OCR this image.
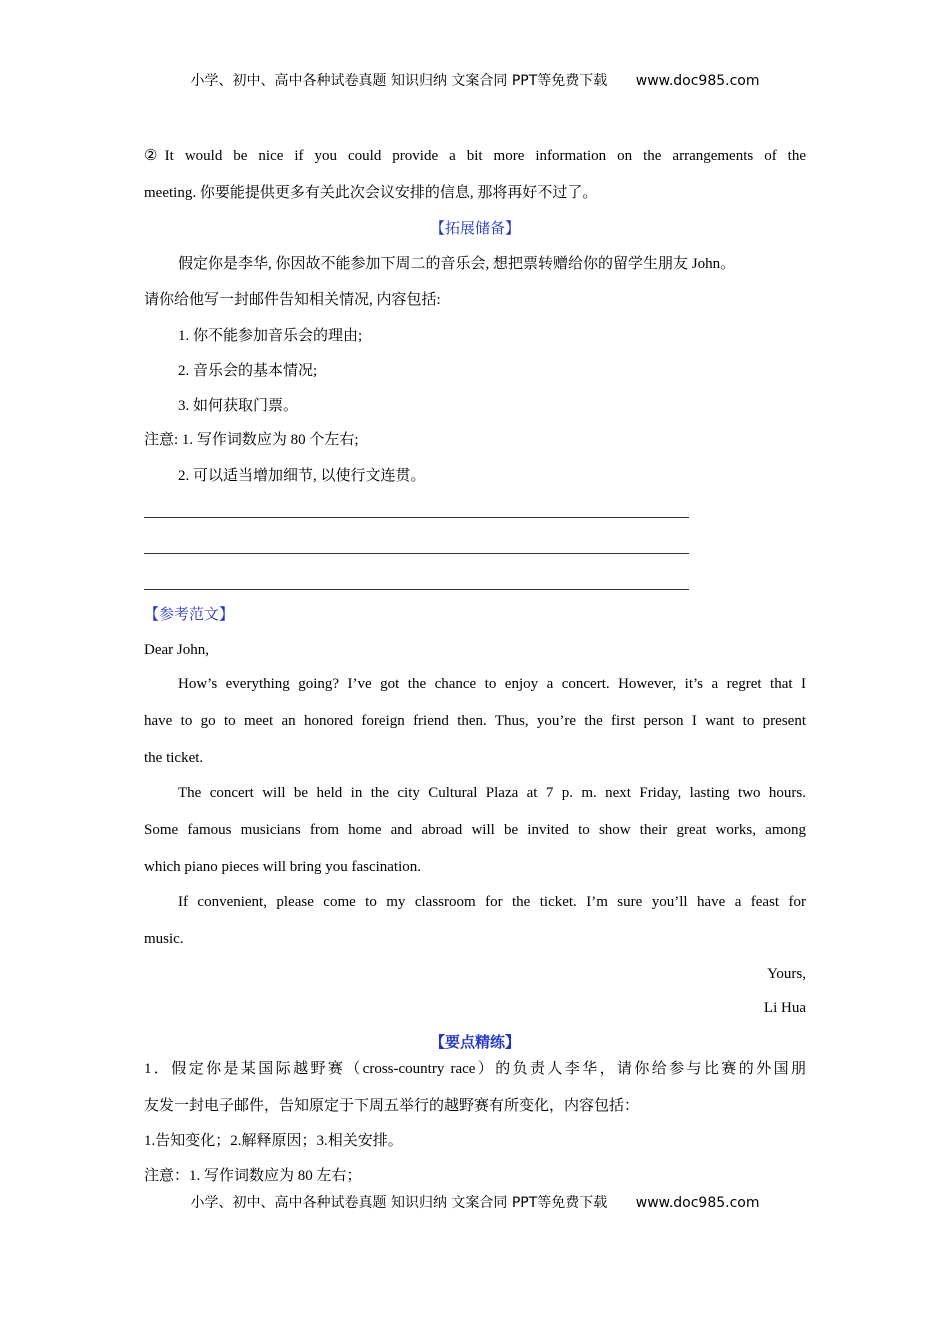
小学、初中、高中各种试卷真题 知识归纳 文案合同 PPT等免费下载 www.doc985.com
②It would be nice if you could provide a bit more information on the arrangements of the
meeting. 你要能提供更多有关此次会议安排的信息, 那将再好不过了。
【拓展储备】
假定你是李华, 你因故不能参加下周二的音乐会, 想把票转赠给你的留学生朋友 John。
请你给他写一封邮件告知相关情况, 内容包括:
1. 你不能参加音乐会的理由;
2. 音乐会的基本情况;
3. 如何获取门票。
注意: 1. 写作词数应为 80 个左右;
2. 可以适当增加细节, 以使行文连贯。
【参考范文】
Dear John,
How’s everything going? I’ve got the chance to enjoy a concert. However, it’s a regret that I
have to go to meet an honored foreign friend then. Thus, you’re the first person I want to present
the ticket.
The concert will be held in the city Cultural Plaza at 7 p. m. next Friday, lasting two hours.
Some famous musicians from home and abroad will be invited to show their great works, among
which piano pieces will bring you fascination.
If convenient, please come to my classroom for the ticket. I’m sure you’ll have a feast for
music.
Yours,
Li Hua
【要点精练】
1．假定你是某国际越野赛（cross-country race）的负责人李华，请你给参与比赛的外国朋
友发一封电子邮件，告知原定于下周五举行的越野赛有所变化，内容包括：
1.告知变化；2.解释原因；3.相关安排。
注意：1. 写作词数应为 80 左右；
小学、初中、高中各种试卷真题 知识归纳 文案合同 PPT等免费下载 www.doc985.com
